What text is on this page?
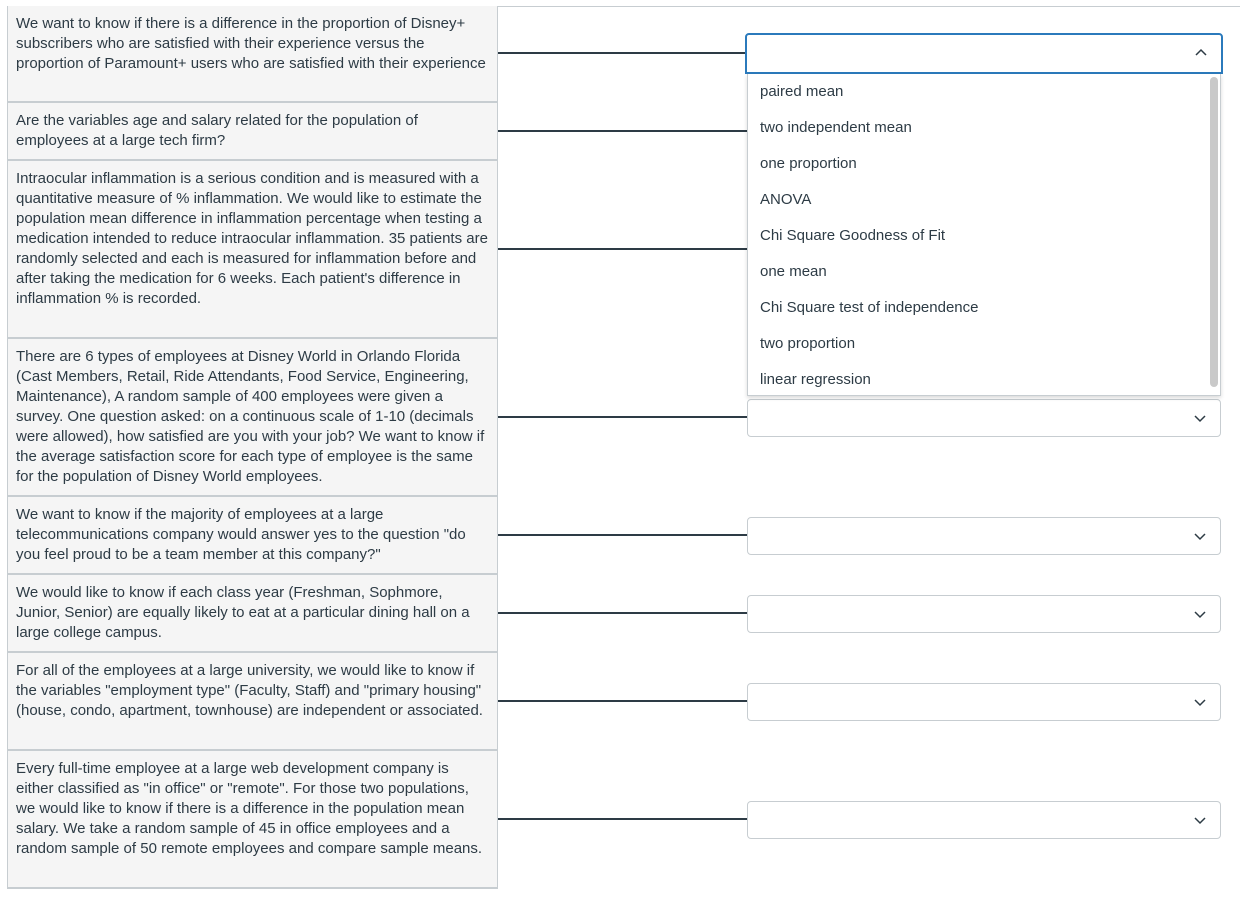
We want to know if there is a difference in the proportion of Disney+ subscribers who are satisfied with their experience versus the proportion of Paramount+ users who are satisfied with their experience
Are the variables age and salary related for the population of employees at a large tech firm?
Intraocular inflammation is a serious condition and is measured with a quantitative measure of % inflammation. We would like to estimate the population mean difference in inflammation percentage when testing a medication intended to reduce intraocular inflammation. 35 patients are randomly selected and each is measured for inflammation before and after taking the medication for 6 weeks. Each patient's difference in inflammation % is recorded.
There are 6 types of employees at Disney World in Orlando Florida (Cast Members, Retail, Ride Attendants, Food Service, Engineering, Maintenance), A random sample of 400 employees were given a survey. One question asked: on a continuous scale of 1-10 (decimals were allowed), how satisfied are you with your job? We want to know if the average satisfaction score for each type of employee is the same for the population of Disney World employees.
We want to know if the majority of employees at a large telecommunications company would answer yes to the question "do you feel proud to be a team member at this company?"
We would like to know if each class year (Freshman, Sophmore, Junior, Senior) are equally likely to eat at a particular dining hall on a large college campus.
For all of the employees at a large university, we would like to know if the variables "employment type" (Faculty, Staff) and "primary housing" (house, condo, apartment, townhouse) are independent or associated.
Every full-time employee at a large web development company is either classified as "in office" or "remote". For those two populations, we would like to know if there is a difference in the population mean salary. We take a random sample of 45 in office employees and a random sample of 50 remote employees and compare sample means.
paired mean
two independent mean
one proportion
ANOVA
Chi Square Goodness of Fit
one mean
Chi Square test of independence
two proportion
linear regression
